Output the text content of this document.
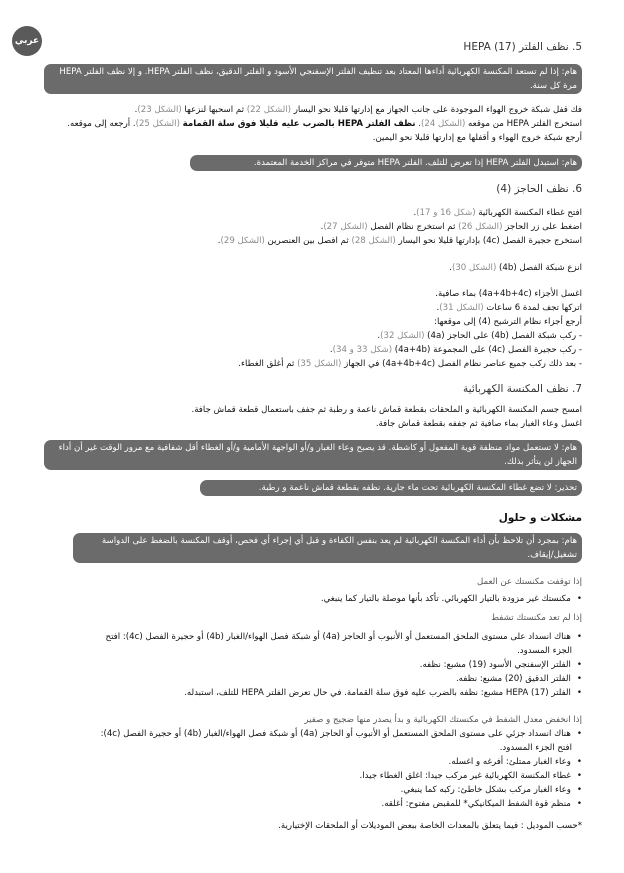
عربي	5. نظف الفلتر HEPA (17)
هام: إذا لم تستعد المكنسة الكهربائية أداءها المعتاد بعد تنظيف الفلتر الإسفنجي الأسود و الفلتر الدقيق، نظف الفلتر HEPA. و إلا نظف الفلتر HEPA مرة كل سنة.
فك قفل شبكة خروج الهواء الموجودة على جانب الجهاز مع إدارتها قليلا نحو اليسار (الشكل 22) ثم اسحبها لنزعها (الشكل 23).
استخرج الفلتر HEPA من موقعه (الشكل 24). نظف الفلتر HEPA بالضرب عليه قليلا فوق سلة القمامة (الشكل 25). أرجعه إلى موقعه.
أرجع شبكة خروج الهواء و أقفلها مع إدارتها قليلا نحو اليمين.
هام: استبدل الفلتر HEPA إذا تعرض للتلف. الفلتر HEPA متوفر في مراكز الخدمة المعتمدة.
6. نظف الحاجز (4)
افتح غطاء المكنسة الكهربائية (شكل 16 و 17).
اضغط على زر الحاجز (الشكل 26) ثم استخرج نظام الفصل (الشكل 27).
استخرج حجيرة الفصل (4c) بإدارتها قليلا نحو اليسار (الشكل 28) ثم افصل بين العنصرين (الشكل 29).
انزع شبكة الفصل (4b) (الشكل 30).
اغسل الأجزاء (4a+4b+4c) بماء صافية.
اتركها تجف لمدة 6 ساعات (الشكل 31).
أرجع أجزاء نظام الترشيح (4) إلى موقعها:
- ركب شبكة الفصل (4b) على الحاجز (4a) (الشكل 32).
- ركب حجيرة الفصل (4c) على المجموعة (4a+4b) (شكل 33 و 34).
- بعد ذلك ركب جميع عناصر نظام الفصل (4a+4b+4c) في الجهاز (الشكل 35) ثم أغلق الغطاء.
7. نظف المكنسة الكهربائية
امسح جسم المكنسة الكهربائية و الملحقات بقطعة قماش ناعمة و رطبة ثم جفف باستعمال قطعة قماش جافة.
اغسل وعاء الغبار بماء صافية ثم جففه بقطعة قماش جافة.
هام: لا تستعمل مواد منظفة قوية المفعول أو كاشطة. قد يصبح وعاء الغبار و/أو الواجهة الأمامية و/أو الغطاء أقل شفافية مع مرور الوقت غير أن أداء الجهاز لن يتأثر بذلك.
تحذير: لا تضع غطاء المكنسة الكهربائية تحت ماء جارية. نظفه بقطعة قماش ناعمة و رطبة.
مشكلات و حلول
هام: بمجرد أن تلاحظ بأن أداء المكنسة الكهربائية لم يعد بنفس الكفاءة و قبل أي إجراء أي فحص، أوقف المكنسة بالضغط على الدواسة تشغيل/إيقاف.
إذا توقفت مكنستك عن العمل
• مكنستك غير مزودة بالتيار الكهربائي. تأكد بأنها موصلة بالتيار كما ينبغي.
إذا لم تعد مكنستك تشفط
• هناك انسداد على مستوى الملحق المستعمل أو الأنبوب أو الحاجز (4a) أو شبكة فصل الهواء/الغبار (4b) أو حجيرة الفصل (4c): افتح الجزء المسدود.
• الفلتر الإسفنجي الأسود (19) مشبع: نظفه.
• الفلتر الدقيق (20) مشبع: نظفه.
• الفلتر HEPA (17) مشبع: نظفه بالضرب عليه فوق سلة القمامة. في حال تعرض الفلتر HEPA للتلف، استبدله.
إذا انخفض معدل الشفط في مكنستك الكهربائية و بدأ يصدر منها ضجيج و صفير
• هناك انسداد جزئي على مستوى الملحق المستعمل أو الأنبوب أو الحاجز (4a) أو شبكة فصل الهواء/الغبار (4b) أو حجيرة الفصل (4c): افتح الجزء المسدود.
• وعاء الغبار ممتلئ: أفرغه و اغسله.
• غطاء المكنسة الكهربائية غير مركب جيدا: اغلق الغطاء جيدا.
• وعاء الغبار مركب بشكل خاطئ: ركبه كما ينبغي.
• منظم قوة الشفط الميكانيكي* للمقبض مفتوح: أغلقه.
*حسب الموديل : فيما يتعلق بالمعدات الخاصة ببعض الموديلات أو الملحقات الإختيارية.
